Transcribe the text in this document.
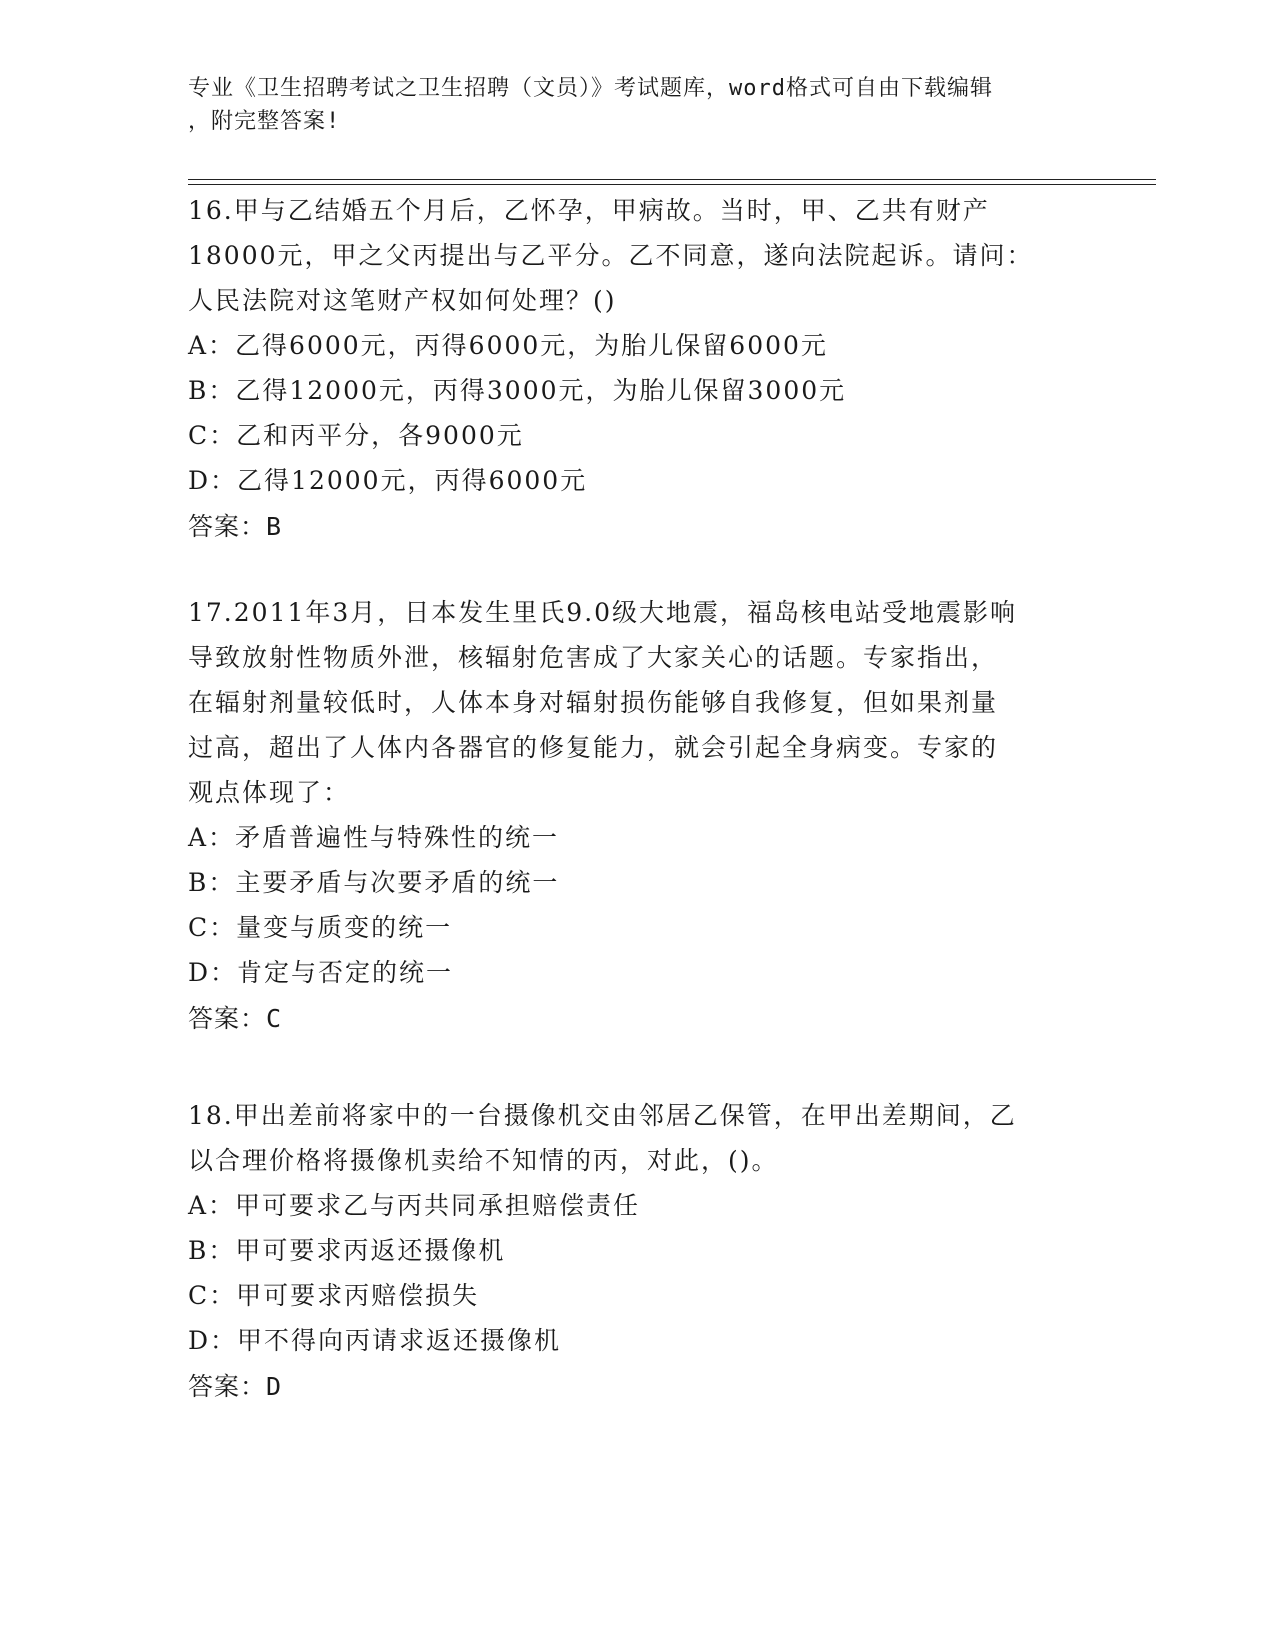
专业《卫生招聘考试之卫生招聘（文员）》考试题库，word格式可自由下载编辑
，附完整答案!
16.甲与乙结婚五个月后，乙怀孕，甲病故。当时，甲、乙共有财产
18000元，甲之父丙提出与乙平分。乙不同意，遂向法院起诉。请问：
人民法院对这笔财产权如何处理？()
A：乙得6000元，丙得6000元，为胎儿保留6000元
B：乙得12000元，丙得3000元，为胎儿保留3000元
C：乙和丙平分，各9000元
D：乙得12000元，丙得6000元
答案：B
17.2011年3月，日本发生里氏9.0级大地震，福岛核电站受地震影响
导致放射性物质外泄，核辐射危害成了大家关心的话题。专家指出，
在辐射剂量较低时，人体本身对辐射损伤能够自我修复，但如果剂量
过高，超出了人体内各器官的修复能力，就会引起全身病变。专家的
观点体现了：
A：矛盾普遍性与特殊性的统一
B：主要矛盾与次要矛盾的统一
C：量变与质变的统一
D：肯定与否定的统一
答案：C
18.甲出差前将家中的一台摄像机交由邻居乙保管，在甲出差期间，乙
以合理价格将摄像机卖给不知情的丙，对此，()。
A：甲可要求乙与丙共同承担赔偿责任
B：甲可要求丙返还摄像机
C：甲可要求丙赔偿损失
D：甲不得向丙请求返还摄像机
答案：D
